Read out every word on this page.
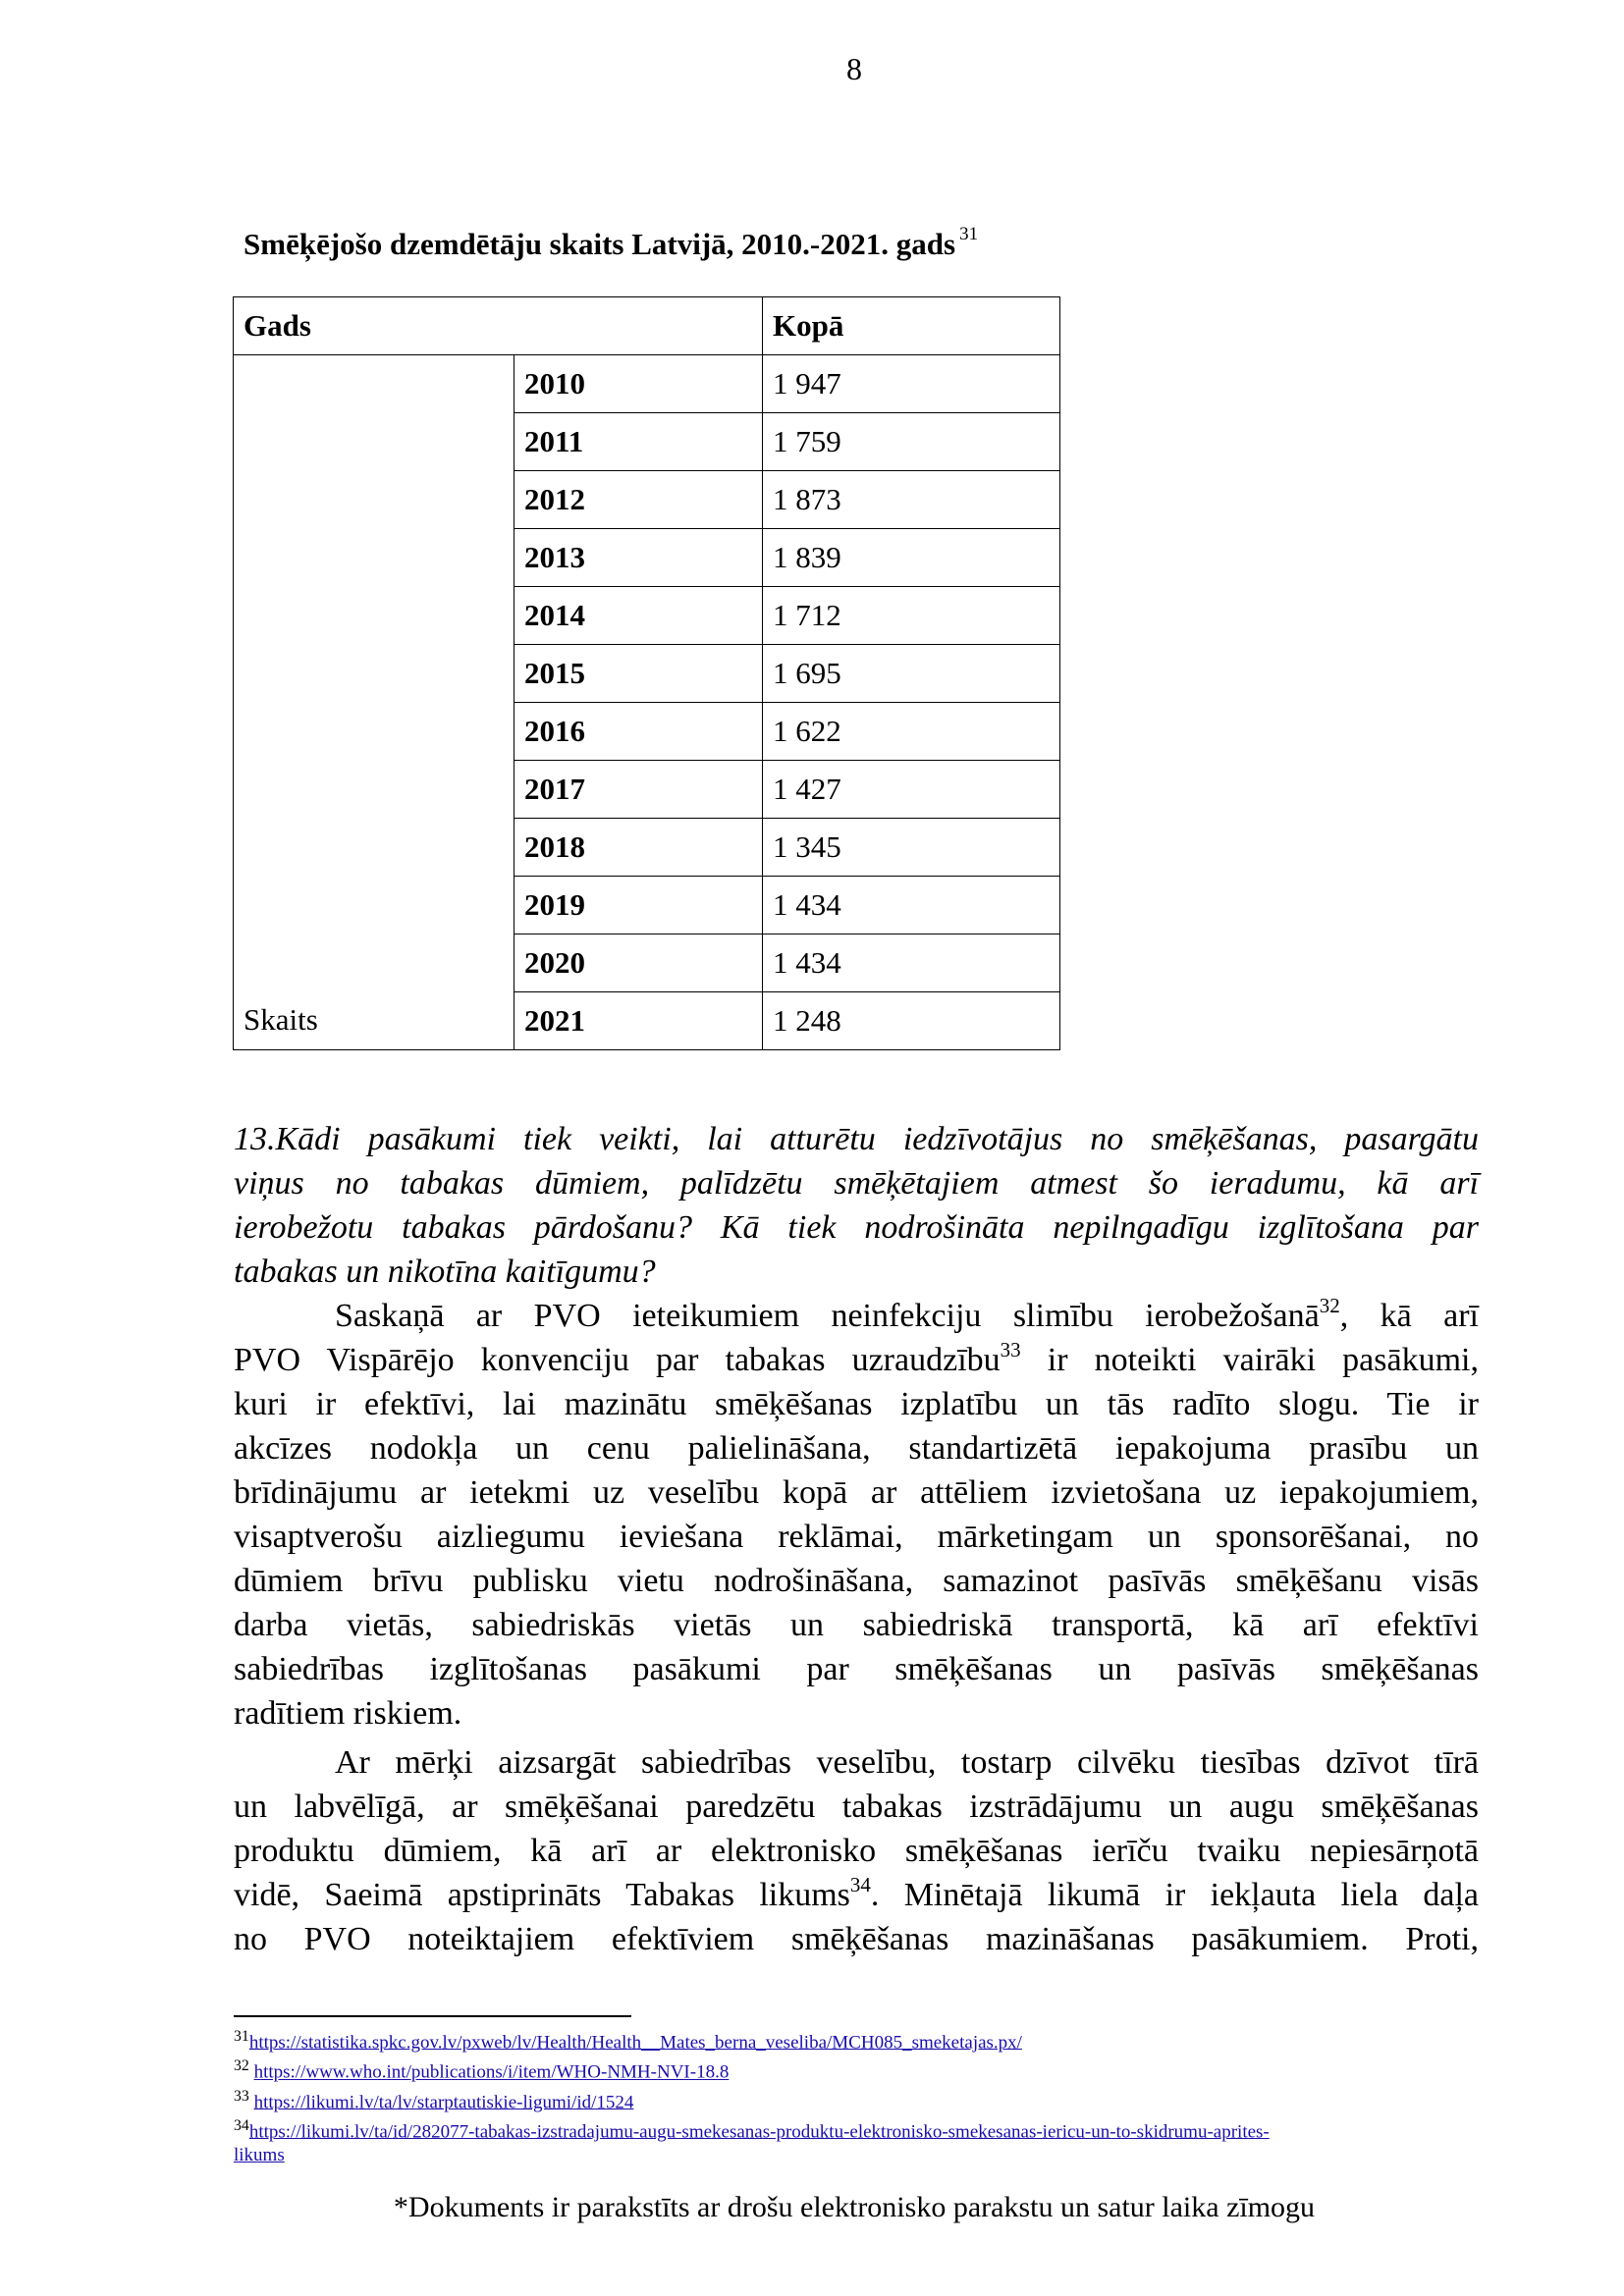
8
Smēķējošo dzemdētāju skaits Latvijā, 2010.-2021. gads $^{31}$
Gads		Kopā
Skaits	2010	1 947
	2011	1 759
	2012	1 873
	2013	1 839
	2014	1 712
	2015	1 695
	2016	1 622
	2017	1 427
	2018	1 345
	2019	1 434
	2020	1 434
	2021	1 248
13.Kādi pasākumi tiek veikti, lai atturētu iedzīvotājus no smēķēšanas, pasargātu
viņus no tabakas dūmiem, palīdzētu smēķētajiem atmest šo ieradumu, kā arī
ierobežotu tabakas pārdošanu? Kā tiek nodrošināta nepilngadīgu izglītošana par
tabakas un nikotīna kaitīgumu?
Saskaņā ar PVO ieteikumiem neinfekciju slimību ierobežošanā$^{32}$, kā arī
PVO Vispārējo konvenciju par tabakas uzraudzību$^{33}$ ir noteikti vairāki pasākumi,
kuri ir efektīvi, lai mazinātu smēķēšanas izplatību un tās radīto slogu. Tie ir
akcīzes nodokļa un cenu palielināšana, standartizētā iepakojuma prasību un
brīdinājumu ar ietekmi uz veselību kopā ar attēliem izvietošana uz iepakojumiem,
visaptverošu aizliegumu ieviešana reklāmai, mārketingam un sponsorēšanai, no
dūmiem brīvu publisku vietu nodrošināšana, samazinot pasīvās smēķēšanu visās
darba vietās, sabiedriskās vietās un sabiedriskā transportā, kā arī efektīvi
sabiedrības izglītošanas pasākumi par smēķēšanas un pasīvās smēķēšanas
radītiem riskiem.
Ar mērķi aizsargāt sabiedrības veselību, tostarp cilvēku tiesības dzīvot tīrā
un labvēlīgā, ar smēķēšanai paredzētu tabakas izstrādājumu un augu smēķēšanas
produktu dūmiem, kā arī ar elektronisko smēķēšanas ierīču tvaiku nepiesārņotā
vidē, Saeimā apstiprināts Tabakas likums$^{34}$. Minētajā likumā ir iekļauta liela daļa
no PVO noteiktajiem efektīviem smēķēšanas mazināšanas pasākumiem. Proti,
$^{31}$https://statistika.spkc.gov.lv/pxweb/lv/Health/Health__Mates_berna_veseliba/MCH085_smeketajas.px/
$^{32}$ https://www.who.int/publications/i/item/WHO-NMH-NVI-18.8
$^{33}$ https://likumi.lv/ta/lv/starptautiskie-ligumi/id/1524
$^{34}$https://likumi.lv/ta/id/282077-tabakas-izstradajumu-augu-smekesanas-produktu-elektronisko-smekesanas-iericu-un-to-skidrumu-aprites-
likums
*Dokuments ir parakstīts ar drošu elektronisko parakstu un satur laika zīmogu
